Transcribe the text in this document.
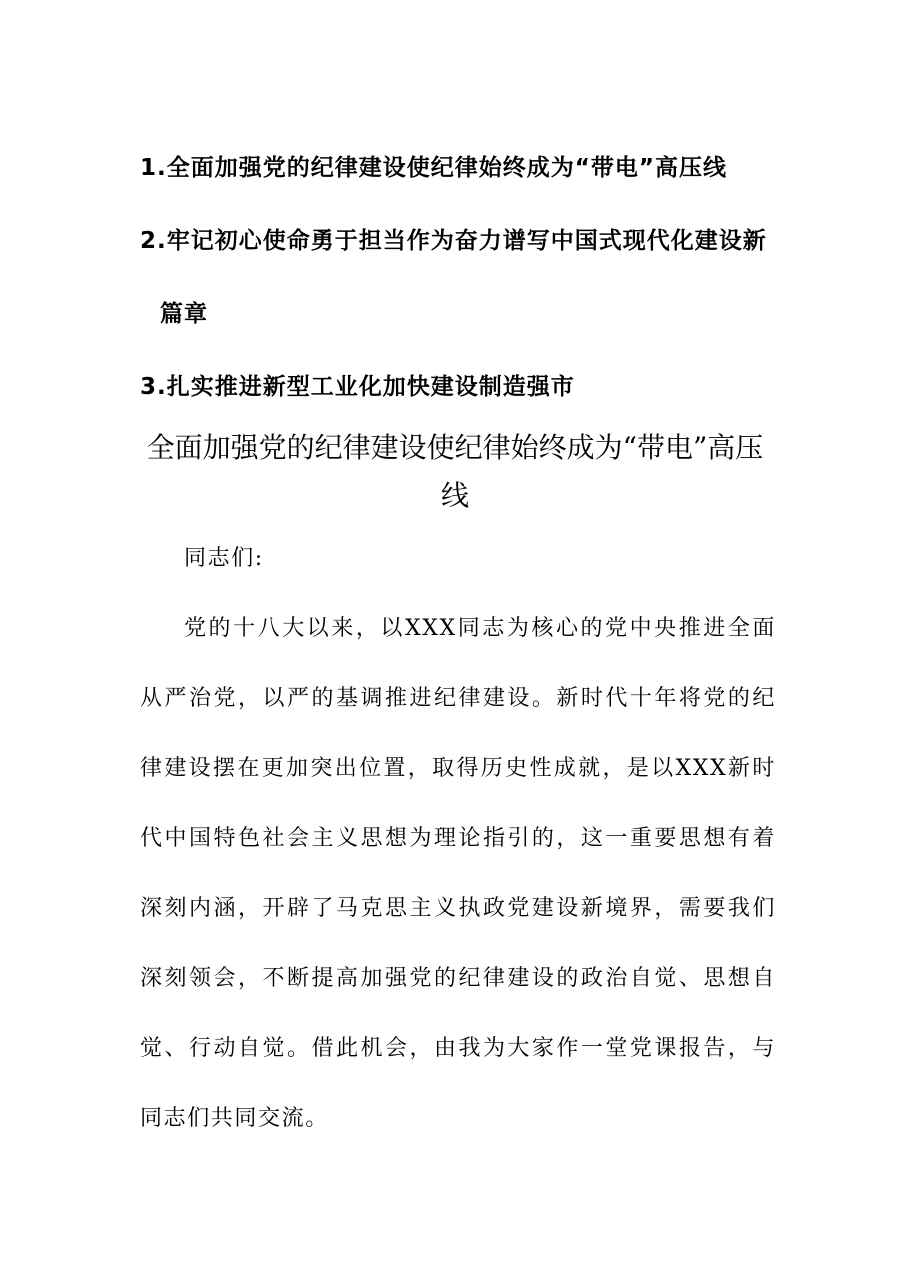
1.全面加强党的纪律建设使纪律始终成为“带电”高压线
2.牢记初心使命勇于担当作为奋力谱写中国式现代化建设新
篇章
3.扎实推进新型工业化加快建设制造强市
全面加强党的纪律建设使纪律始终成为“带电”高压线

同志们:

党的十八大以来，以XXX同志为核心的党中央推进全面从严治党，以严的基调推进纪律建设。新时代十年将党的纪律建设摆在更加突出位置，取得历史性成就，是以XXX新时代中国特色社会主义思想为理论指引的，这一重要思想有着深刻内涵，开辟了马克思主义执政党建设新境界，需要我们深刻领会，不断提高加强党的纪律建设的政治自觉、思想自觉、行动自觉。借此机会，由我为大家作一堂党课报告，与同志们共同交流。
